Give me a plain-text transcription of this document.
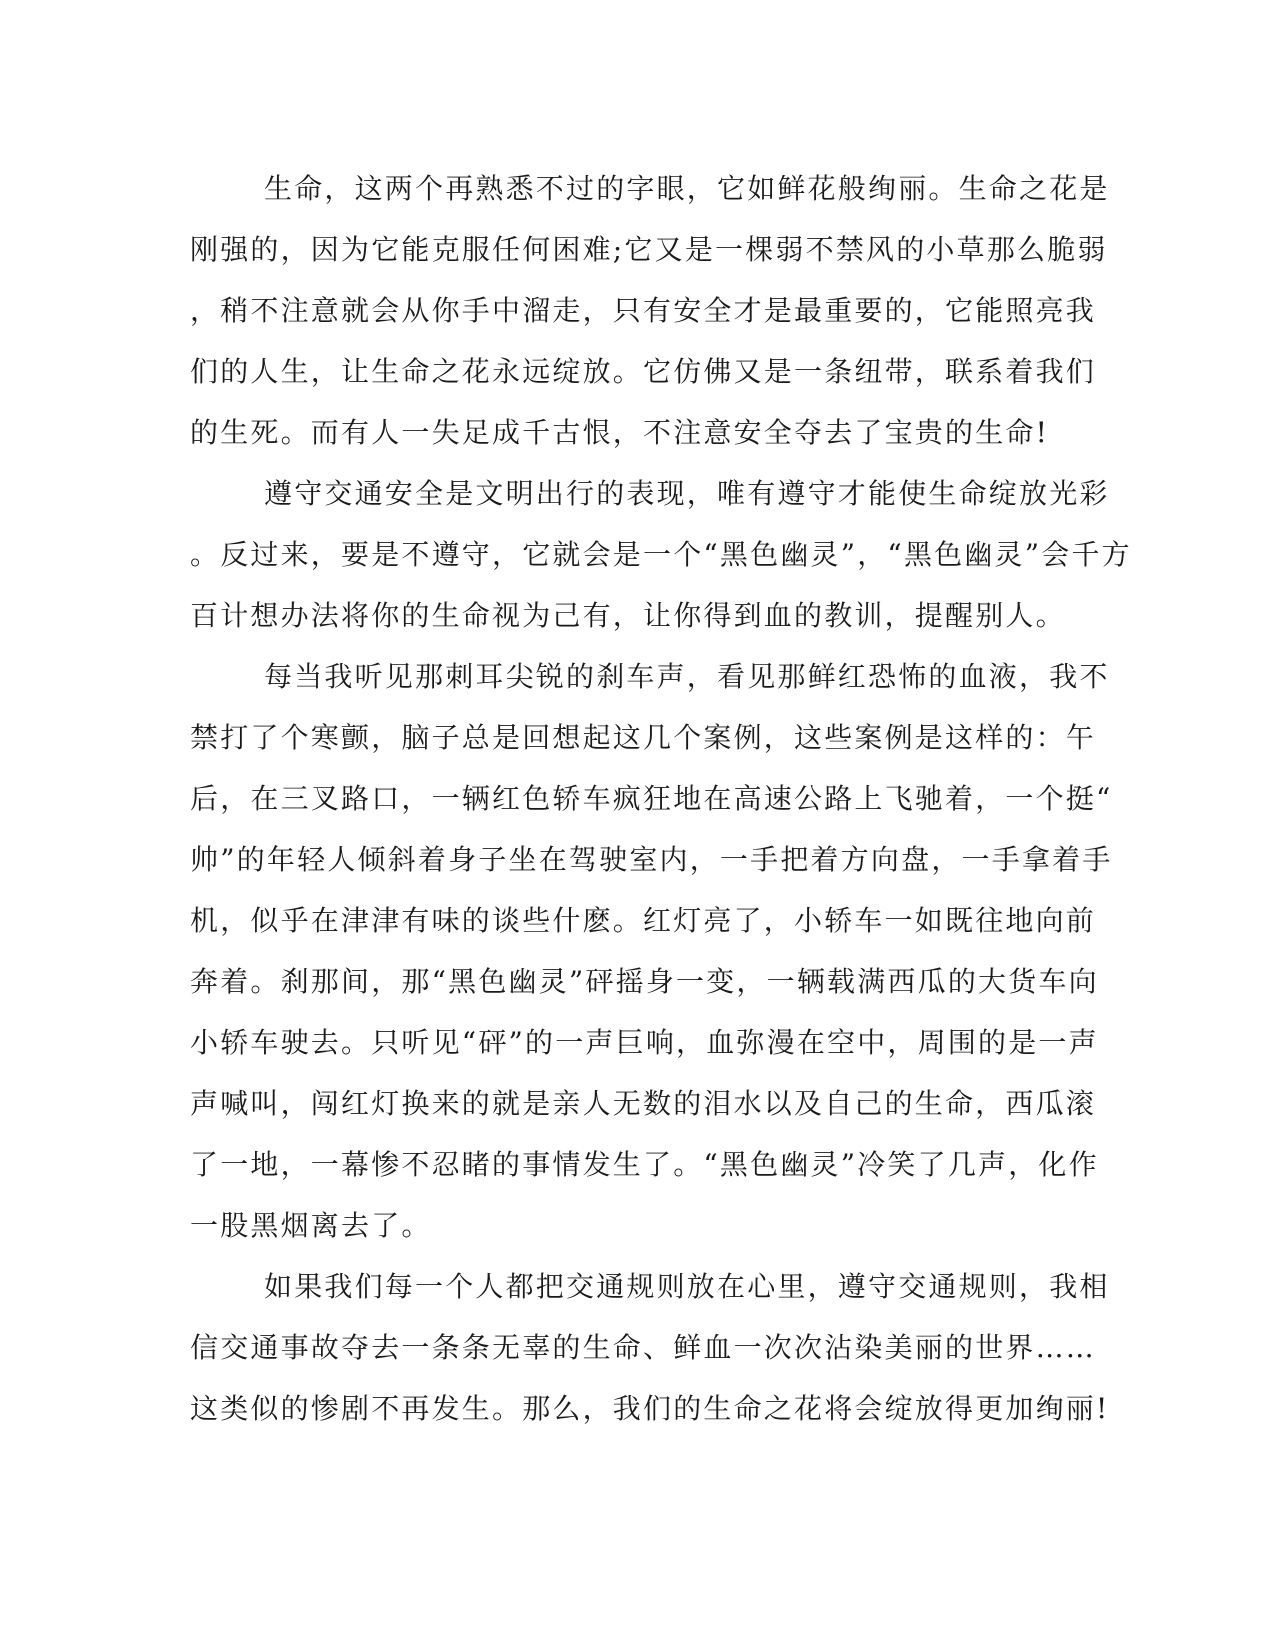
生命，这两个再熟悉不过的字眼，它如鲜花般绚丽。生命之花是
刚强的，因为它能克服任何困难;它又是一棵弱不禁风的小草那么脆弱
，稍不注意就会从你手中溜走，只有安全才是最重要的，它能照亮我
们的人生，让生命之花永远绽放。它仿佛又是一条纽带，联系着我们
的生死。而有人一失足成千古恨，不注意安全夺去了宝贵的生命!
遵守交通安全是文明出行的表现，唯有遵守才能使生命绽放光彩
。反过来，要是不遵守，它就会是一个“黑色幽灵”，“黑色幽灵”会千方
百计想办法将你的生命视为己有，让你得到血的教训，提醒别人。
每当我听见那刺耳尖锐的刹车声，看见那鲜红恐怖的血液，我不
禁打了个寒颤，脑子总是回想起这几个案例，这些案例是这样的：午
后，在三叉路口，一辆红色轿车疯狂地在高速公路上飞驰着，一个挺“
帅”的年轻人倾斜着身子坐在驾驶室内，一手把着方向盘，一手拿着手
机，似乎在津津有味的谈些什麽。红灯亮了，小轿车一如既往地向前
奔着。刹那间，那“黑色幽灵”砰摇身一变，一辆载满西瓜的大货车向
小轿车驶去。只听见“砰”的一声巨响，血弥漫在空中，周围的是一声
声喊叫，闯红灯换来的就是亲人无数的泪水以及自己的生命，西瓜滚
了一地，一幕惨不忍睹的事情发生了。“黑色幽灵”冷笑了几声，化作
一股黑烟离去了。
如果我们每一个人都把交通规则放在心里，遵守交通规则，我相
信交通事故夺去一条条无辜的生命、鲜血一次次沾染美丽的世界……
这类似的惨剧不再发生。那么，我们的生命之花将会绽放得更加绚丽!
